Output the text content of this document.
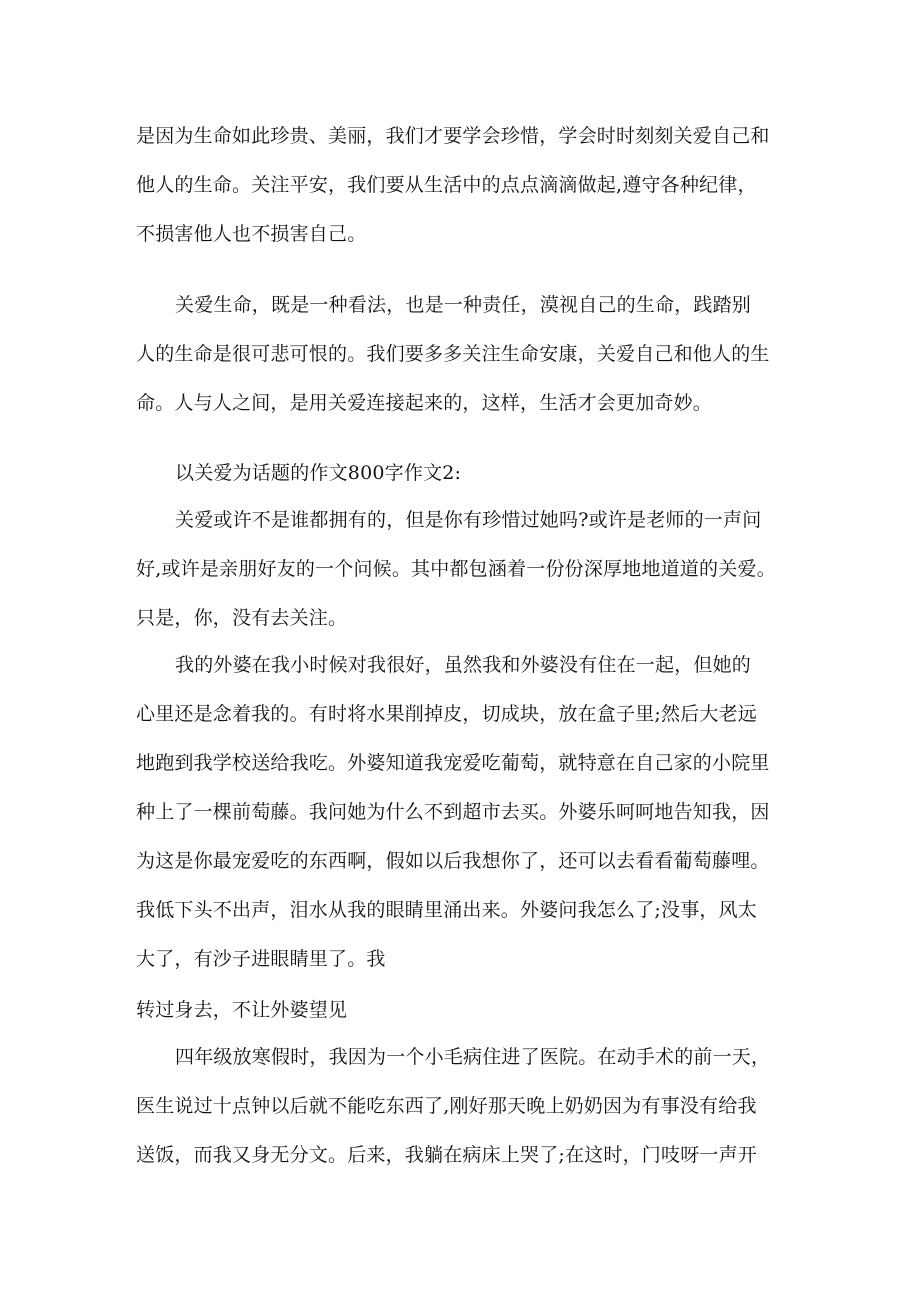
是因为生命如此珍贵、美丽，我们才要学会珍惜，学会时时刻刻关爱自己和
他人的生命。关注平安，我们要从生活中的点点滴滴做起,遵守各种纪律，
不损害他人也不损害自己。
关爱生命，既是一种看法，也是一种责任，漠视自己的生命，践踏别
人的生命是很可悲可恨的。我们要多多关注生命安康，关爱自己和他人的生
命。人与人之间，是用关爱连接起来的，这样，生活才会更加奇妙。
以关爱为话题的作文800字作文2:
关爱或许不是谁都拥有的，但是你有珍惜过她吗?或许是老师的一声问
好,或许是亲朋好友的一个问候。其中都包涵着一份份深厚地地道道的关爱。
只是，你，没有去关注。
我的外婆在我小时候对我很好，虽然我和外婆没有住在一起，但她的
心里还是念着我的。有时将水果削掉皮，切成块，放在盒子里;然后大老远
地跑到我学校送给我吃。外婆知道我宠爱吃葡萄，就特意在自己家的小院里
种上了一棵前萄藤。我问她为什么不到超市去买。外婆乐呵呵地告知我，因
为这是你最宠爱吃的东西啊，假如以后我想你了，还可以去看看葡萄藤哩。
我低下头不出声，泪水从我的眼睛里涌出来。外婆问我怎么了;没事，风太
大了，有沙子进眼睛里了。我
转过身去，不让外婆望见
四年级放寒假时，我因为一个小毛病住进了医院。在动手术的前一天，
医生说过十点钟以后就不能吃东西了,刚好那天晚上奶奶因为有事没有给我
送饭，而我又身无分文。后来，我躺在病床上哭了;在这时，门吱呀一声开
